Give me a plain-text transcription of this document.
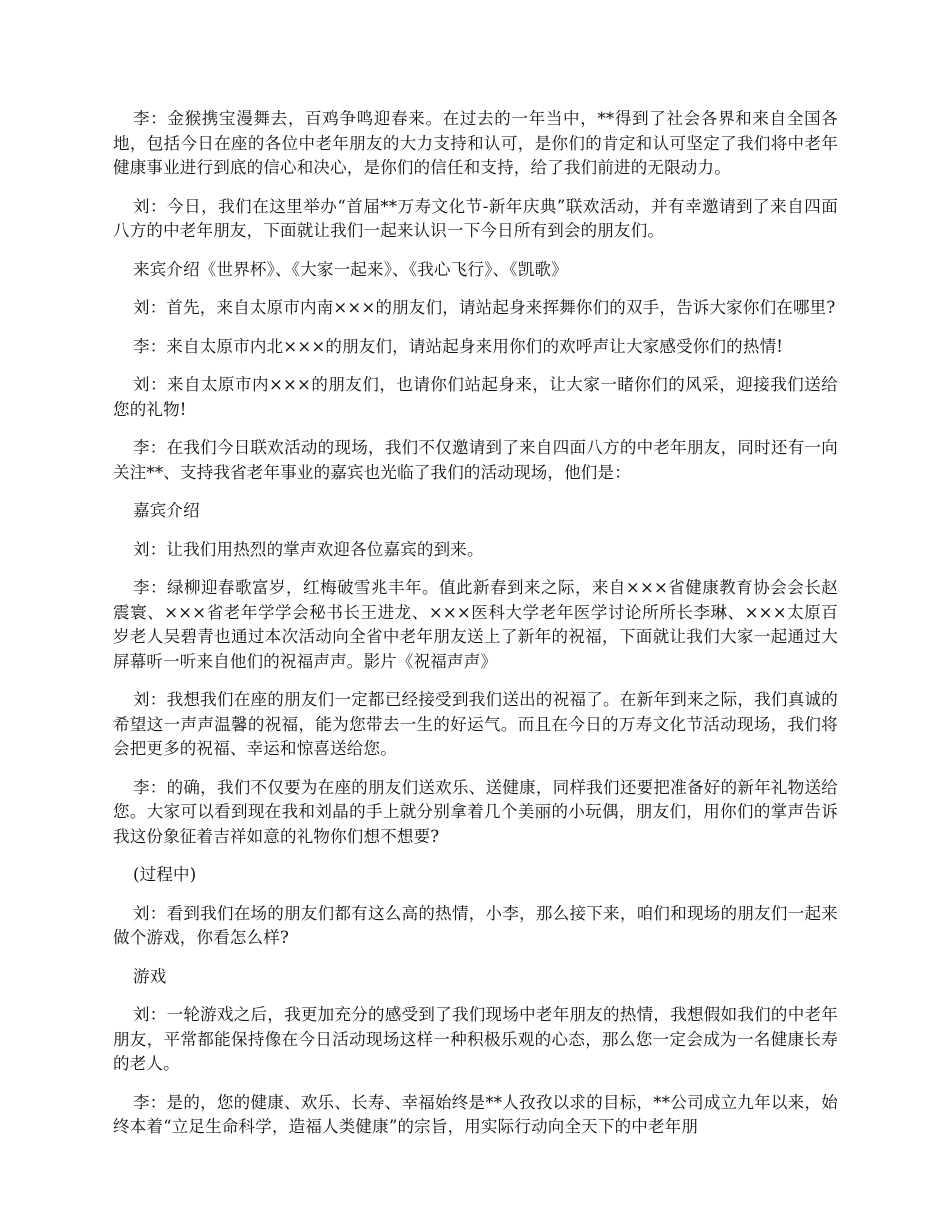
李：金猴携宝漫舞去，百鸡争鸣迎春来。在过去的一年当中，**得到了社会各界和来自全国各地，包括今日在座的各位中老年朋友的大力支持和认可，是你们的肯定和认可坚定了我们将中老年健康事业进行到底的信心和决心，是你们的信任和支持，给了我们前进的无限动力。

刘：今日，我们在这里举办“首届**万寿文化节-新年庆典”联欢活动，并有幸邀请到了来自四面八方的中老年朋友，下面就让我们一起来认识一下今日所有到会的朋友们。

来宾介绍《世界杯》、《大家一起来》、《我心飞行》、《凯歌》

刘：首先，来自太原市内南×××的朋友们，请站起身来挥舞你们的双手，告诉大家你们在哪里?

李：来自太原市内北×××的朋友们，请站起身来用你们的欢呼声让大家感受你们的热情!

刘：来自太原市内×××的朋友们，也请你们站起身来，让大家一睹你们的风采，迎接我们送给您的礼物!

李：在我们今日联欢活动的现场，我们不仅邀请到了来自四面八方的中老年朋友，同时还有一向关注**、支持我省老年事业的嘉宾也光临了我们的活动现场，他们是：

嘉宾介绍

刘：让我们用热烈的掌声欢迎各位嘉宾的到来。

李：绿柳迎春歌富岁，红梅破雪兆丰年。值此新春到来之际，来自×××省健康教育协会会长赵震寰、×××省老年学学会秘书长王进龙、×××医科大学老年医学讨论所所长李琳、×××太原百岁老人吴碧青也通过本次活动向全省中老年朋友送上了新年的祝福，下面就让我们大家一起通过大屏幕听一听来自他们的祝福声声。影片《祝福声声》

刘：我想我们在座的朋友们一定都已经接受到我们送出的祝福了。在新年到来之际，我们真诚的希望这一声声温馨的祝福，能为您带去一生的好运气。而且在今日的万寿文化节活动现场，我们将会把更多的祝福、幸运和惊喜送给您。

李：的确，我们不仅要为在座的朋友们送欢乐、送健康，同样我们还要把准备好的新年礼物送给您。大家可以看到现在我和刘晶的手上就分别拿着几个美丽的小玩偶，朋友们，用你们的掌声告诉我这份象征着吉祥如意的礼物你们想不想要?

(过程中)

刘：看到我们在场的朋友们都有这么高的热情，小李，那么接下来，咱们和现场的朋友们一起来做个游戏，你看怎么样?

游戏

刘：一轮游戏之后，我更加充分的感受到了我们现场中老年朋友的热情，我想假如我们的中老年朋友，平常都能保持像在今日活动现场这样一种积极乐观的心态，那么您一定会成为一名健康长寿的老人。

李：是的，您的健康、欢乐、长寿、幸福始终是**人孜孜以求的目标，**公司成立九年以来，始终本着“立足生命科学，造福人类健康”的宗旨，用实际行动向全天下的中老年朋
